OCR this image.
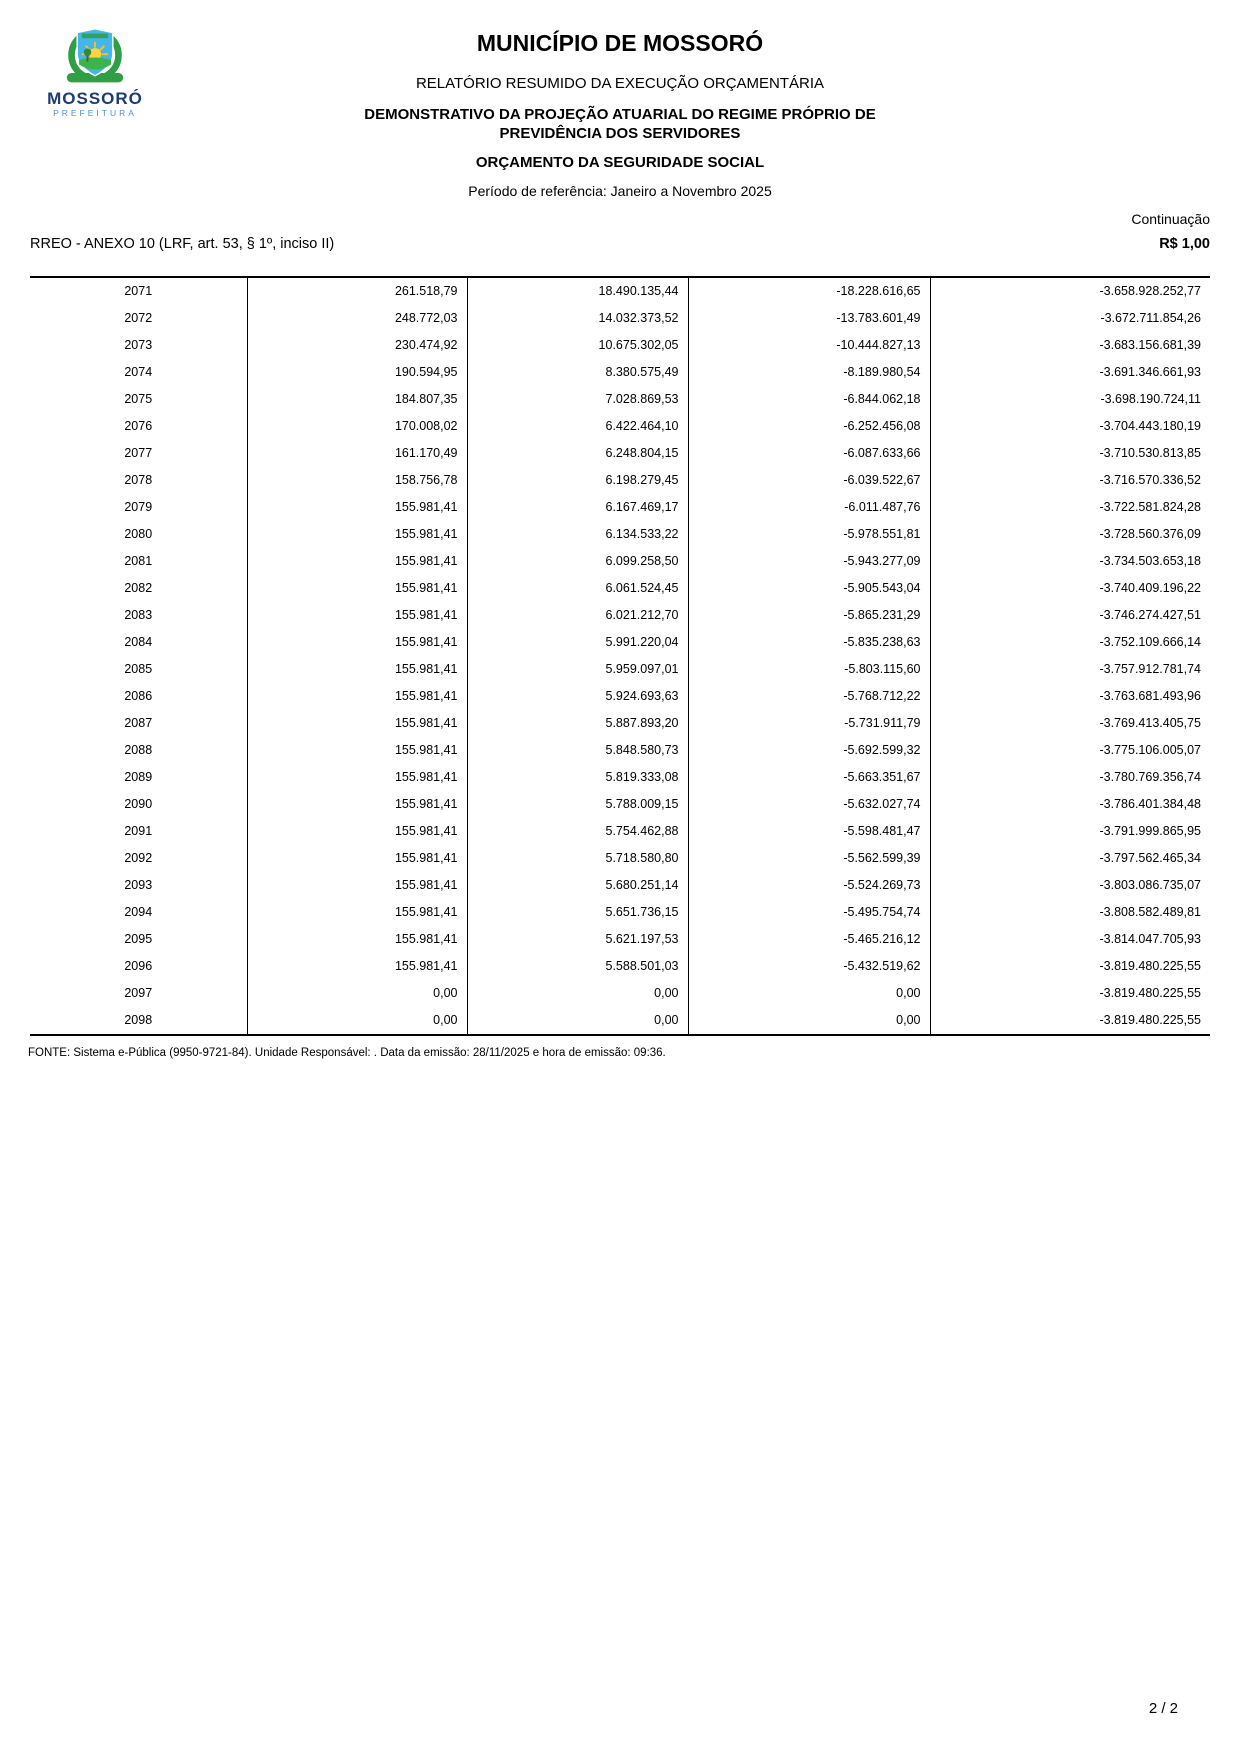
MOSSORÓ
PREFEITURA
MUNICÍPIO DE MOSSORÓ
RELATÓRIO RESUMIDO DA EXECUÇÃO ORÇAMENTÁRIA
DEMONSTRATIVO DA PROJEÇÃO ATUARIAL DO REGIME PRÓPRIO DE PREVIDÊNCIA DOS SERVIDORES
ORÇAMENTO DA SEGURIDADE SOCIAL
Período de referência: Janeiro a Novembro 2025
Continuação
RREO - ANEXO 10 (LRF, art. 53, § 1º, inciso II)	R$ 1,00
2071	261.518,79	18.490.135,44	-18.228.616,65	-3.658.928.252,77
2072	248.772,03	14.032.373,52	-13.783.601,49	-3.672.711.854,26
2073	230.474,92	10.675.302,05	-10.444.827,13	-3.683.156.681,39
2074	190.594,95	8.380.575,49	-8.189.980,54	-3.691.346.661,93
2075	184.807,35	7.028.869,53	-6.844.062,18	-3.698.190.724,11
2076	170.008,02	6.422.464,10	-6.252.456,08	-3.704.443.180,19
2077	161.170,49	6.248.804,15	-6.087.633,66	-3.710.530.813,85
2078	158.756,78	6.198.279,45	-6.039.522,67	-3.716.570.336,52
2079	155.981,41	6.167.469,17	-6.011.487,76	-3.722.581.824,28
2080	155.981,41	6.134.533,22	-5.978.551,81	-3.728.560.376,09
2081	155.981,41	6.099.258,50	-5.943.277,09	-3.734.503.653,18
2082	155.981,41	6.061.524,45	-5.905.543,04	-3.740.409.196,22
2083	155.981,41	6.021.212,70	-5.865.231,29	-3.746.274.427,51
2084	155.981,41	5.991.220,04	-5.835.238,63	-3.752.109.666,14
2085	155.981,41	5.959.097,01	-5.803.115,60	-3.757.912.781,74
2086	155.981,41	5.924.693,63	-5.768.712,22	-3.763.681.493,96
2087	155.981,41	5.887.893,20	-5.731.911,79	-3.769.413.405,75
2088	155.981,41	5.848.580,73	-5.692.599,32	-3.775.106.005,07
2089	155.981,41	5.819.333,08	-5.663.351,67	-3.780.769.356,74
2090	155.981,41	5.788.009,15	-5.632.027,74	-3.786.401.384,48
2091	155.981,41	5.754.462,88	-5.598.481,47	-3.791.999.865,95
2092	155.981,41	5.718.580,80	-5.562.599,39	-3.797.562.465,34
2093	155.981,41	5.680.251,14	-5.524.269,73	-3.803.086.735,07
2094	155.981,41	5.651.736,15	-5.495.754,74	-3.808.582.489,81
2095	155.981,41	5.621.197,53	-5.465.216,12	-3.814.047.705,93
2096	155.981,41	5.588.501,03	-5.432.519,62	-3.819.480.225,55
2097	0,00	0,00	0,00	-3.819.480.225,55
2098	0,00	0,00	0,00	-3.819.480.225,55
FONTE: Sistema e-Pública (9950-9721-84). Unidade Responsável: . Data da emissão: 28/11/2025 e hora de emissão: 09:36.
2 / 2
